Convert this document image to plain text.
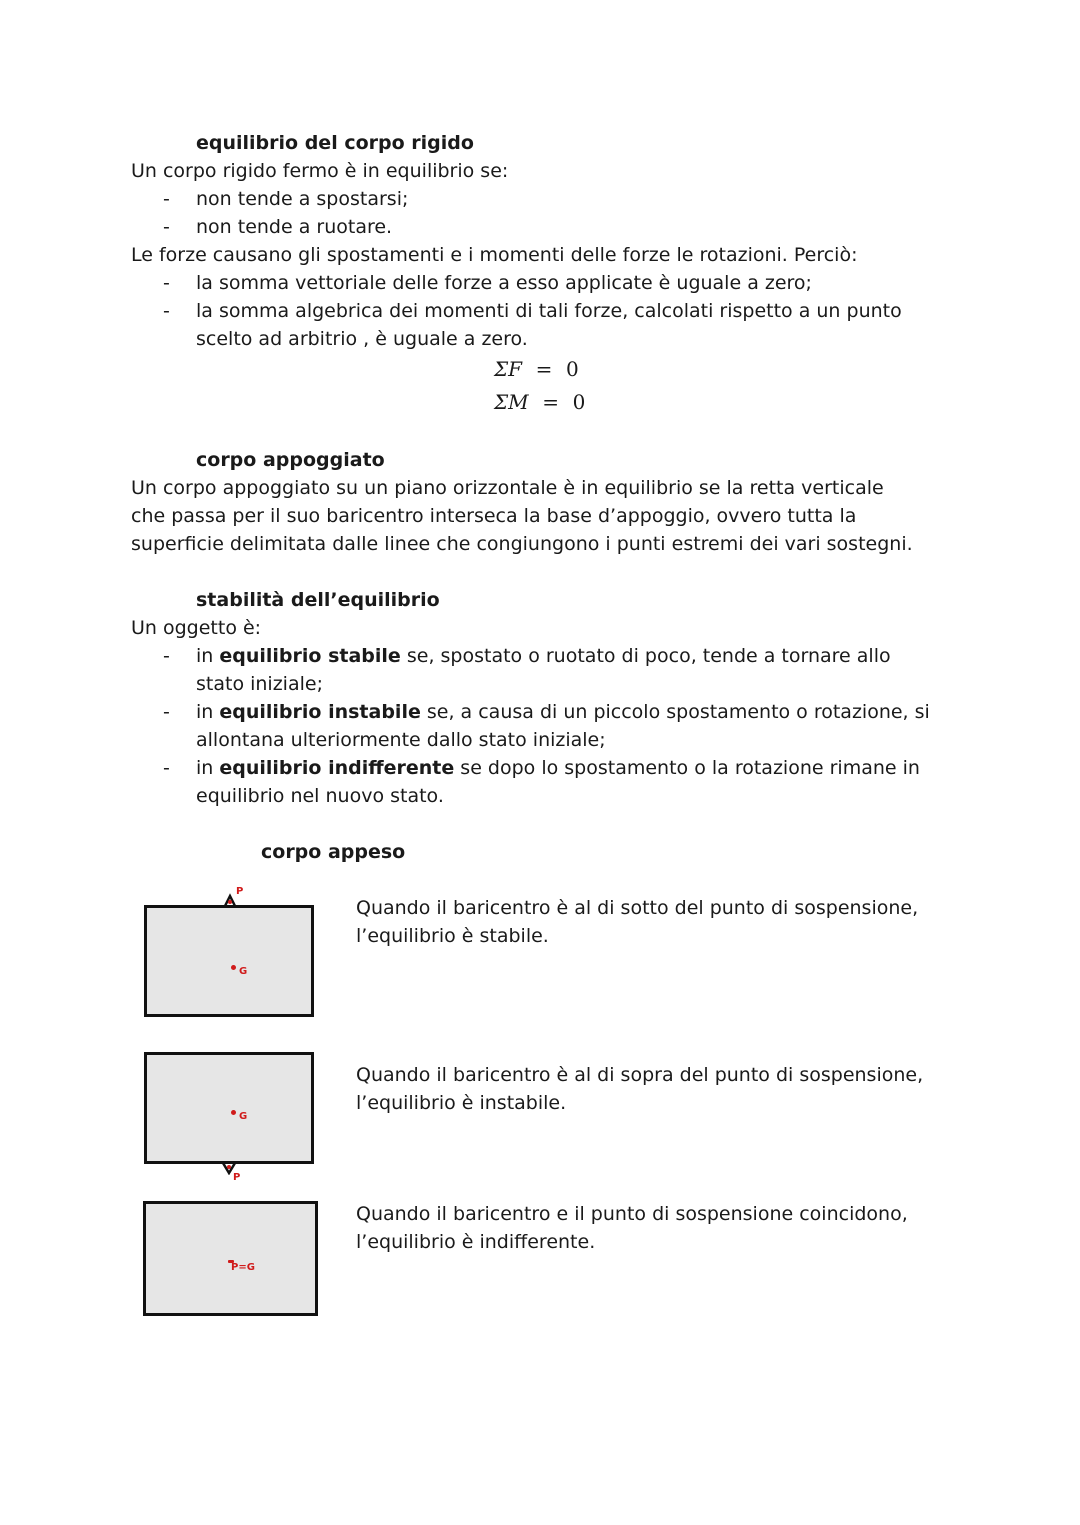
equilibrio del corpo rigido

Un corpo rigido fermo è in equilibrio se:

- non tende a spostarsi;
- non tende a ruotare.

Le forze causano gli spostamenti e i momenti delle forze le rotazioni. Perciò:

- la somma vettoriale delle forze a esso applicate è uguale a zero;
- la somma algebrica dei momenti di tali forze, calcolati rispetto a un punto
scelto ad arbitrio , è uguale a zero.
ΣF = 0
ΣM = 0
corpo appoggiato

Un corpo appoggiato su un piano orizzontale è in equilibrio se la retta verticale

che passa per il suo baricentro interseca la base d’appoggio, ovvero tutta la

superficie delimitata dalle linee che congiungono i punti estremi dei vari sostegni.

stabilità dell’equilibrio

Un oggetto è:

- in equilibrio stabile se, spostato o ruotato di poco, tende a tornare allo
stato iniziale;
- in equilibrio instabile se, a causa di un piccolo spostamento o rotazione, si
allontana ulteriormente dallo stato iniziale;
- in equilibrio indifferente se dopo lo spostamento o la rotazione rimane in
equilibrio nel nuovo stato.
corpo appeso
P
G

Quando il baricentro è al di sotto del punto di sospensione,

l’equilibrio è stabile.

G
P

Quando il baricentro è al di sopra del punto di sospensione,

l’equilibrio è instabile.

P=G

Quando il baricentro e il punto di sospensione coincidono,

l’equilibrio è indifferente.
